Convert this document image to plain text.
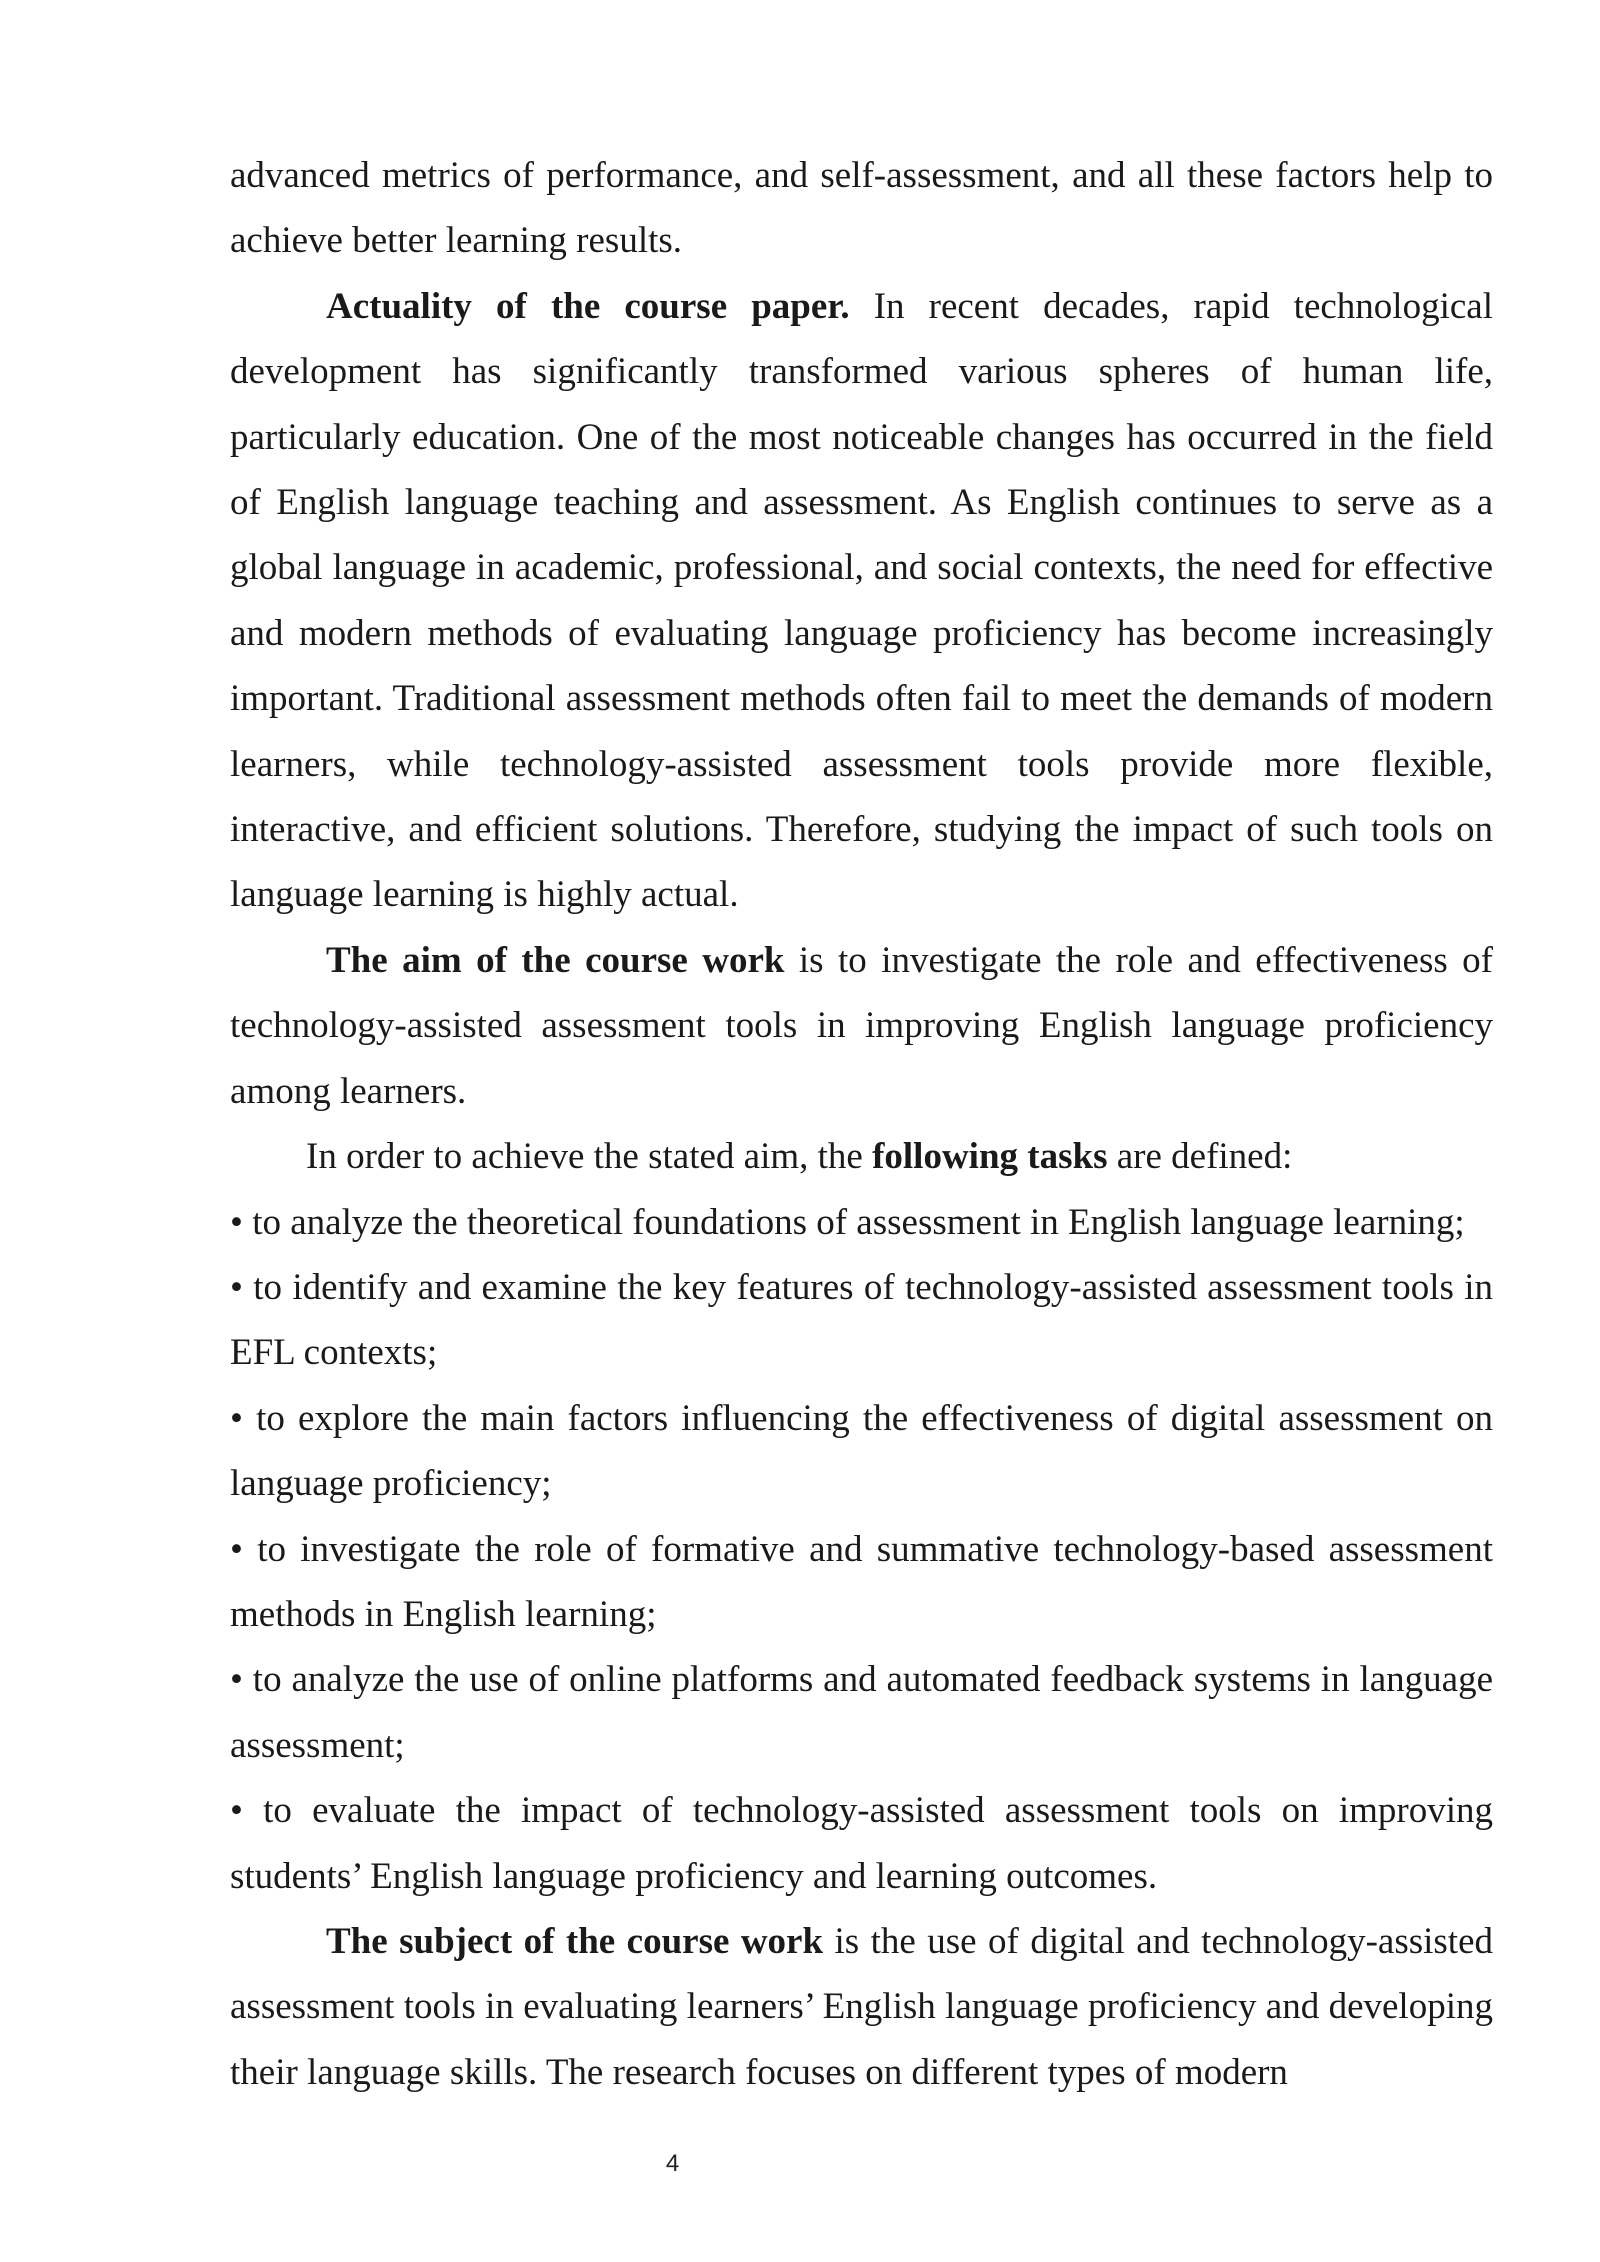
advanced metrics of performance, and self-assessment, and all these factors help to achieve better learning results.

Actuality of the course paper. In recent decades, rapid technological development has significantly transformed various spheres of human life, particularly education. One of the most noticeable changes has occurred in the field of English language teaching and assessment. As English continues to serve as a global language in academic, professional, and social contexts, the need for effective and modern methods of evaluating language proficiency has become increasingly important. Traditional assessment methods often fail to meet the demands of modern learners, while technology-assisted assessment tools provide more flexible, interactive, and efficient solutions. Therefore, studying the impact of such tools on language learning is highly actual.

The aim of the course work is to investigate the role and effectiveness of technology-assisted assessment tools in improving English language proficiency among learners.

In order to achieve the stated aim, the following tasks are defined:

• to analyze the theoretical foundations of assessment in English language learning;

• to identify and examine the key features of technology-assisted assessment tools in EFL contexts;

• to explore the main factors influencing the effectiveness of digital assessment on language proficiency;

• to investigate the role of formative and summative technology-based assessment methods in English learning;

• to analyze the use of online platforms and automated feedback systems in language assessment;

• to evaluate the impact of technology-assisted assessment tools on improving students’ English language proficiency and learning outcomes.

The subject of the course work is the use of digital and technology-assisted assessment tools in evaluating learners’ English language proficiency and developing their language skills. The research focuses on different types of modern

4
